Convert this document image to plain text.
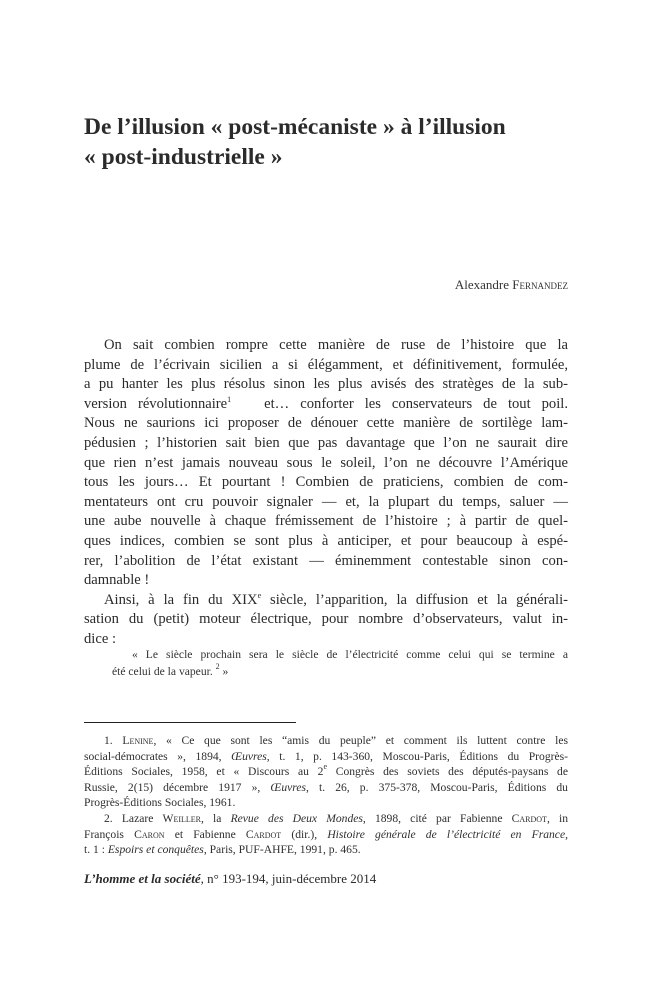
De l’illusion « post-mécaniste » à l’illusion
« post-industrielle »
Alexandre Fernandez
On sait combien rompre cette manière de ruse de l’histoire que la
plume de l’écrivain sicilien a si élégamment, et définitivement, formulée,
a pu hanter les plus résolus sinon les plus avisés des stratèges de la sub-
version révolutionnaire$^1$ et… conforter les conservateurs de tout poil.
Nous ne saurions ici proposer de dénouer cette manière de sortilège lam-
pédusien ; l’historien sait bien que pas davantage que l’on ne saurait dire
que rien n’est jamais nouveau sous le soleil, l’on ne découvre l’Amérique
tous les jours… Et pourtant ! Combien de praticiens, combien de com-
mentateurs ont cru pouvoir signaler — et, la plupart du temps, saluer —
une aube nouvelle à chaque frémissement de l’histoire ; à partir de quel-
ques indices, combien se sont plus à anticiper, et pour beaucoup à espé-
rer, l’abolition de l’état existant — éminemment contestable sinon con-
damnable !
Ainsi, à la fin du XIXe siècle, l’apparition, la diffusion et la générali-
sation du (petit) moteur électrique, pour nombre d’observateurs, valut in-
dice :
« Le siècle prochain sera le siècle de l’électricité comme celui qui se termine a
été celui de la vapeur. $^2$ »
1. Lenine, « Ce que sont les “amis du peuple” et comment ils luttent contre les
social-démocrates », 1894, Œuvres, t. 1, p. 143-360, Moscou-Paris, Éditions du Progrès-
Éditions Sociales, 1958, et « Discours au 2e Congrès des soviets des députés-paysans de
Russie, 2(15) décembre 1917 », Œuvres, t. 26, p. 375-378, Moscou-Paris, Éditions du
Progrès-Éditions Sociales, 1961.
2. Lazare Weiller, la Revue des Deux Mondes, 1898, cité par Fabienne Cardot, in
François Caron et Fabienne Cardot (dir.), Histoire générale de l’électricité en France,
t. 1 : Espoirs et conquêtes, Paris, PUF-AHFE, 1991, p. 465.
L’homme et la société, n° 193-194, juin-décembre 2014
